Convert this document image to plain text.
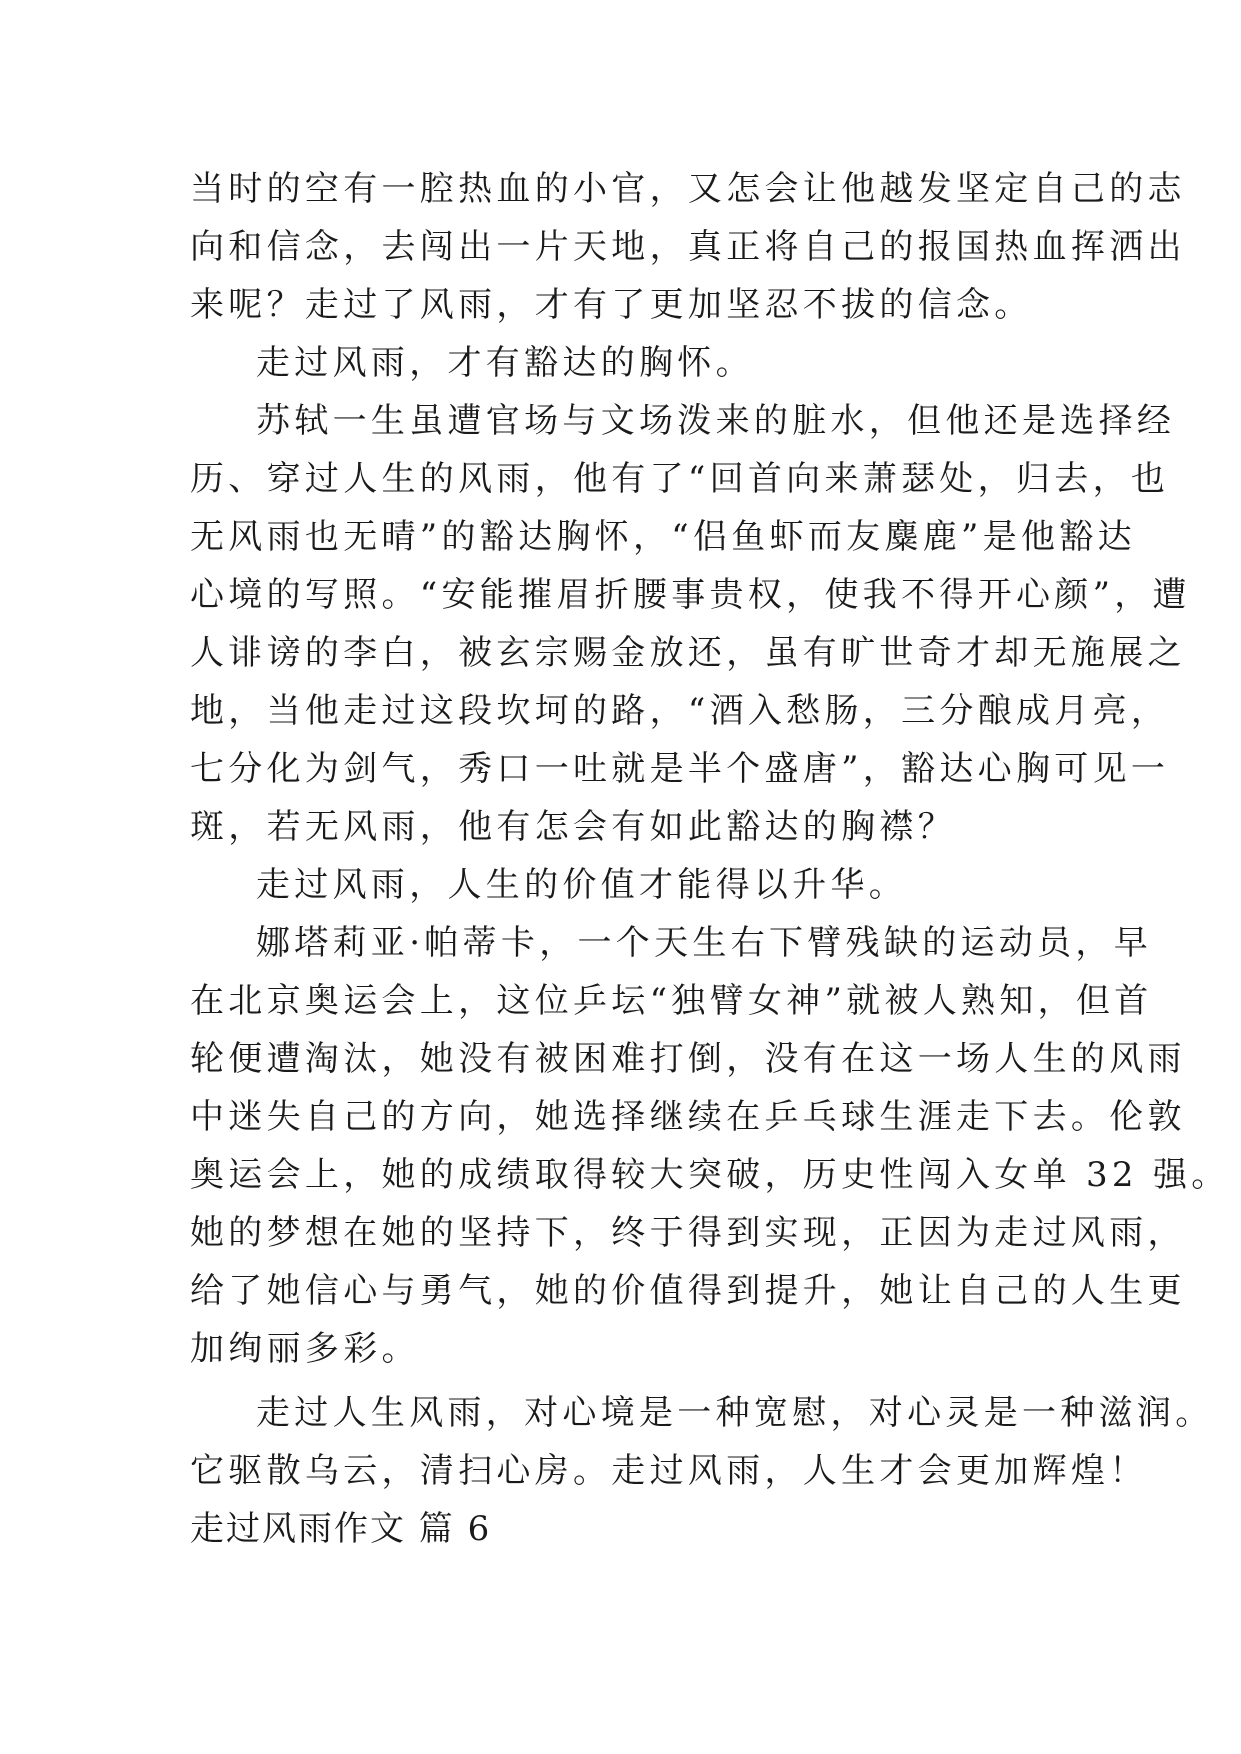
当时的空有一腔热血的小官，又怎会让他越发坚定自己的志
向和信念，去闯出一片天地，真正将自己的报国热血挥洒出
来呢？走过了风雨，才有了更加坚忍不拔的信念。
走过风雨，才有豁达的胸怀。
苏轼一生虽遭官场与文场泼来的脏水，但他还是选择经
历、穿过人生的风雨，他有了“回首向来萧瑟处，归去，也
无风雨也无晴”的豁达胸怀，“侣鱼虾而友麋鹿”是他豁达
心境的写照。“安能摧眉折腰事贵权，使我不得开心颜”，遭
人诽谤的李白，被玄宗赐金放还，虽有旷世奇才却无施展之
地，当他走过这段坎坷的路，“酒入愁肠，三分酿成月亮，
七分化为剑气，秀口一吐就是半个盛唐”，豁达心胸可见一
斑，若无风雨，他有怎会有如此豁达的胸襟？
走过风雨，人生的价值才能得以升华。
娜塔莉亚·帕蒂卡，一个天生右下臂残缺的运动员，早
在北京奥运会上，这位乒坛“独臂女神”就被人熟知，但首
轮便遭淘汰，她没有被困难打倒，没有在这一场人生的风雨
中迷失自己的方向，她选择继续在乒乓球生涯走下去。伦敦
奥运会上，她的成绩取得较大突破，历史性闯入女单 32 强。
她的梦想在她的坚持下，终于得到实现，正因为走过风雨，
给了她信心与勇气，她的价值得到提升，她让自己的人生更
加绚丽多彩。
走过人生风雨，对心境是一种宽慰，对心灵是一种滋润。
它驱散乌云，清扫心房。走过风雨，人生才会更加辉煌！
走过风雨作文 篇 6
